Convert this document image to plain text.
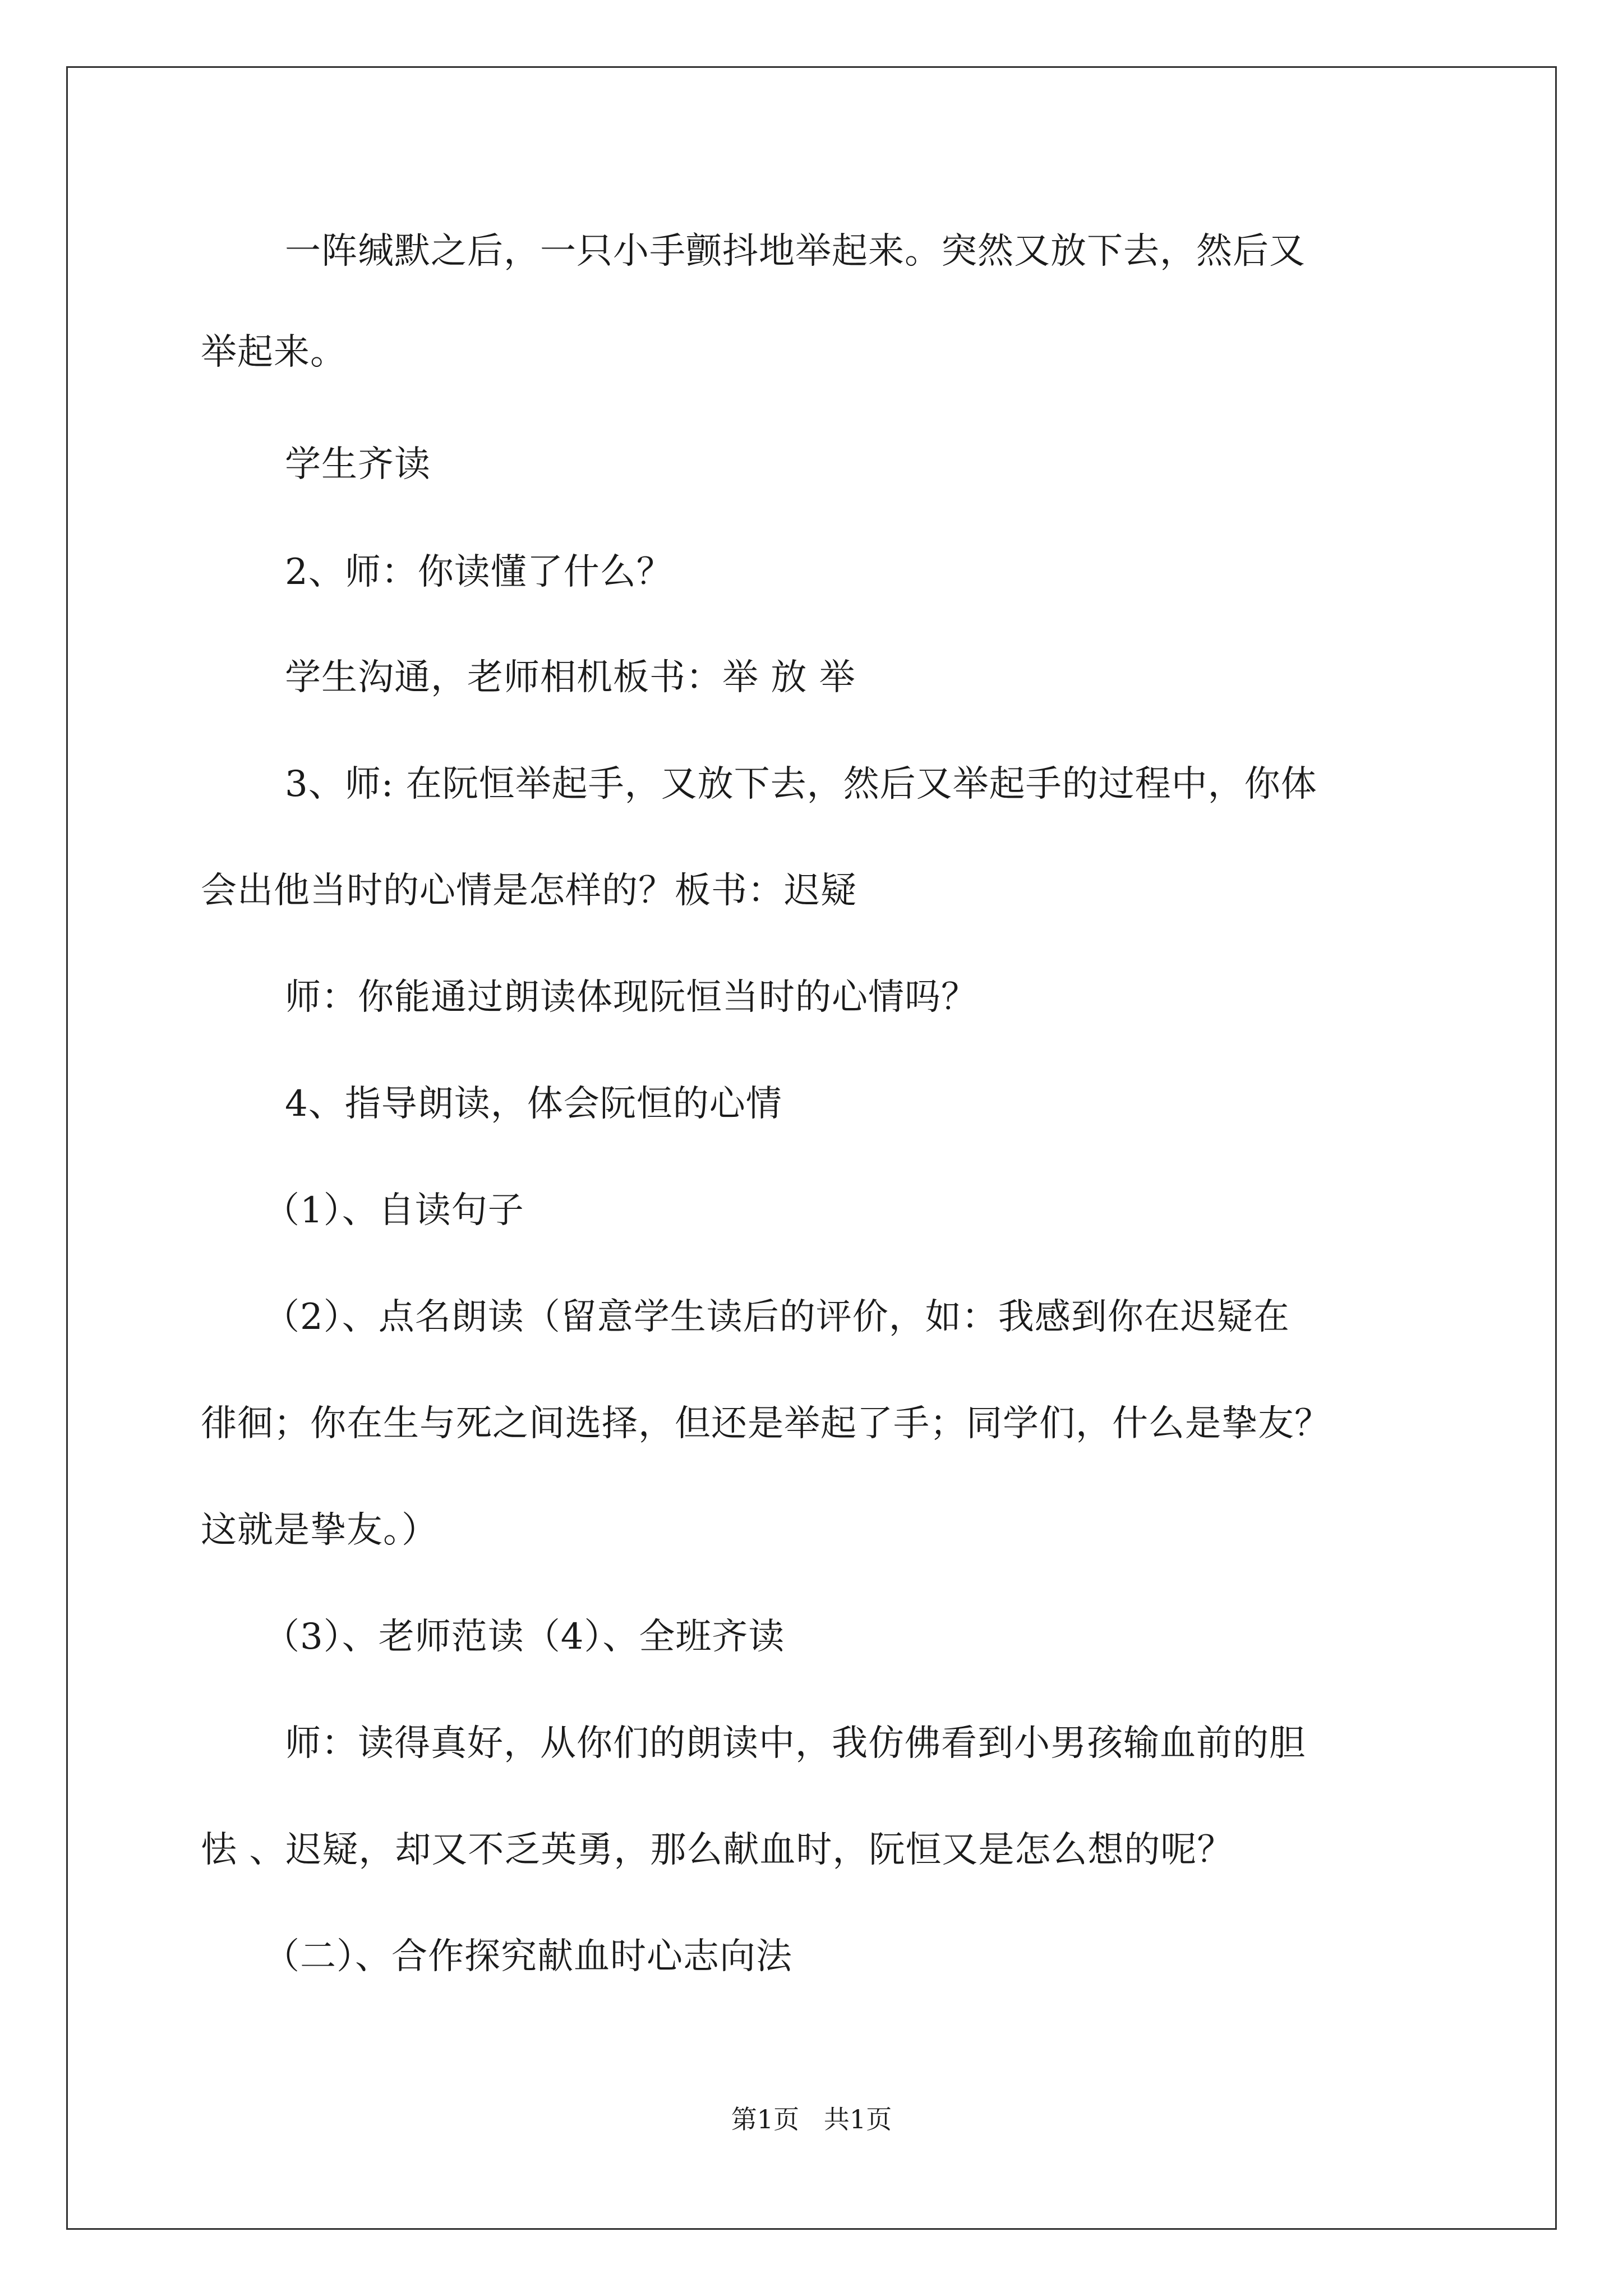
一阵缄默之后，一只小手颤抖地举起来。突然又放下去，然后又
举起来。
学生齐读
2、师：你读懂了什么？
学生沟通，老师相机板书：举 放 举
3、师: 在阮恒举起手，又放下去，然后又举起手的过程中，你体
会出他当时的心情是怎样的？板书：迟疑
师：你能通过朗读体现阮恒当时的心情吗？
4、指导朗读，体会阮恒的心情
（1）、自读句子
（2）、点名朗读（留意学生读后的评价，如：我感到你在迟疑在
徘徊；你在生与死之间选择，但还是举起了手；同学们，什么是挚友？
这就是挚友。）
（3）、老师范读（4）、全班齐读
师：读得真好，从你们的朗读中，我仿佛看到小男孩输血前的胆
怯 、迟疑，却又不乏英勇，那么献血时，阮恒又是怎么想的呢？
（二）、合作探究献血时心志向法
第1页   共1页
